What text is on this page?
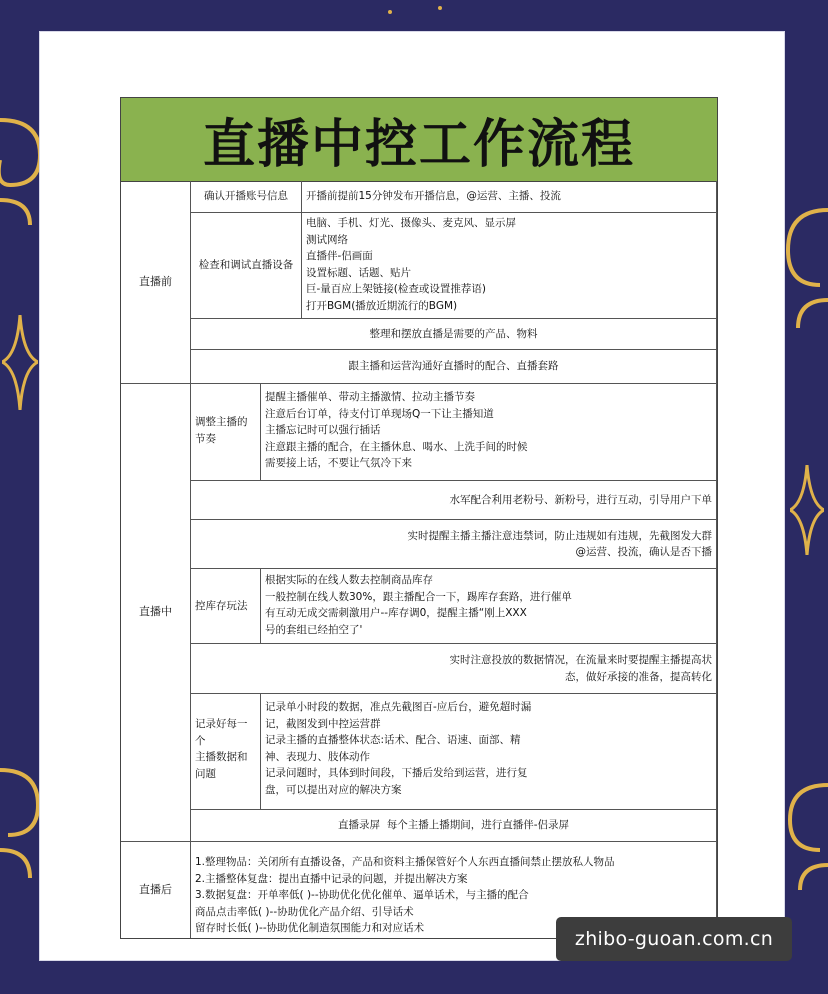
直播中控工作流程
直播前
确认开播账号信息 开播前提前15分钟发布开播信息，@运营、主播、投流
检查和调试直播设备
电脑、手机、灯光、摄像头、麦克风、显示屏
测试网络
直播伴-侣画面
设置标题、话题、贴片
巨-量百应上架链接(检查或设置推荐语)
打开BGM(播放近期流行的BGM)
整理和摆放直播是需要的产品、物料
跟主播和运营沟通好直播时的配合、直播套路
直播中
调整主播的
节奏
提醒主播催单、带动主播激情、拉动主播节奏
注意后台订单，待支付订单现场Q一下让主播知道
主播忘记时可以强行插话
注意跟主播的配合，在主播休息、喝水、上洗手间的时候
需要接上话，不要让气氛冷下来
水军配合利用老粉号、新粉号，进行互动，引导用户下单
实时提醒主播主播注意违禁词，防止违规如有违规，先截图发大群
@运营、投流，确认是否下播
控库存玩法
根据实际的在线人数去控制商品库存
一般控制在线人数30%，跟主播配合一下，踢库存套路，进行催单
有互动无成交需刺激用户--库存调0，提醒主播“刚上XXX
号的套组已经拍空了'
实时注意投放的数据情况，在流量来时要提醒主播提高状
态，做好承接的准备，提高转化
记录好每一
个
主播数据和
问题
记录单小时段的数据，准点先截图百-应后台，避免超时漏
记，截图发到中控运营群
记录主播的直播整体状态:话术、配合、语速、面部、精
神、表现力、肢体动作
记录问题时，具体到时间段，下播后发给到运营，进行复
盘，可以提出对应的解决方案
直播录屏  每个主播上播期间，进行直播伴-侣录屏
直播后
1.整理物品：关闭所有直播设备，产品和资料主播保管好个人东西直播间禁止摆放私人物品
2.主播整体复盘：提出直播中记录的问题，并提出解决方案
3.数据复盘：开单率低( )--协助优化优化催单、逼单话术，与主播的配合
商品点击率低( )--协助优化产品介绍、引导话术
留存时长低( )--协助优化制造氛围能力和对应话术	zhibo-guoan.com.cn
